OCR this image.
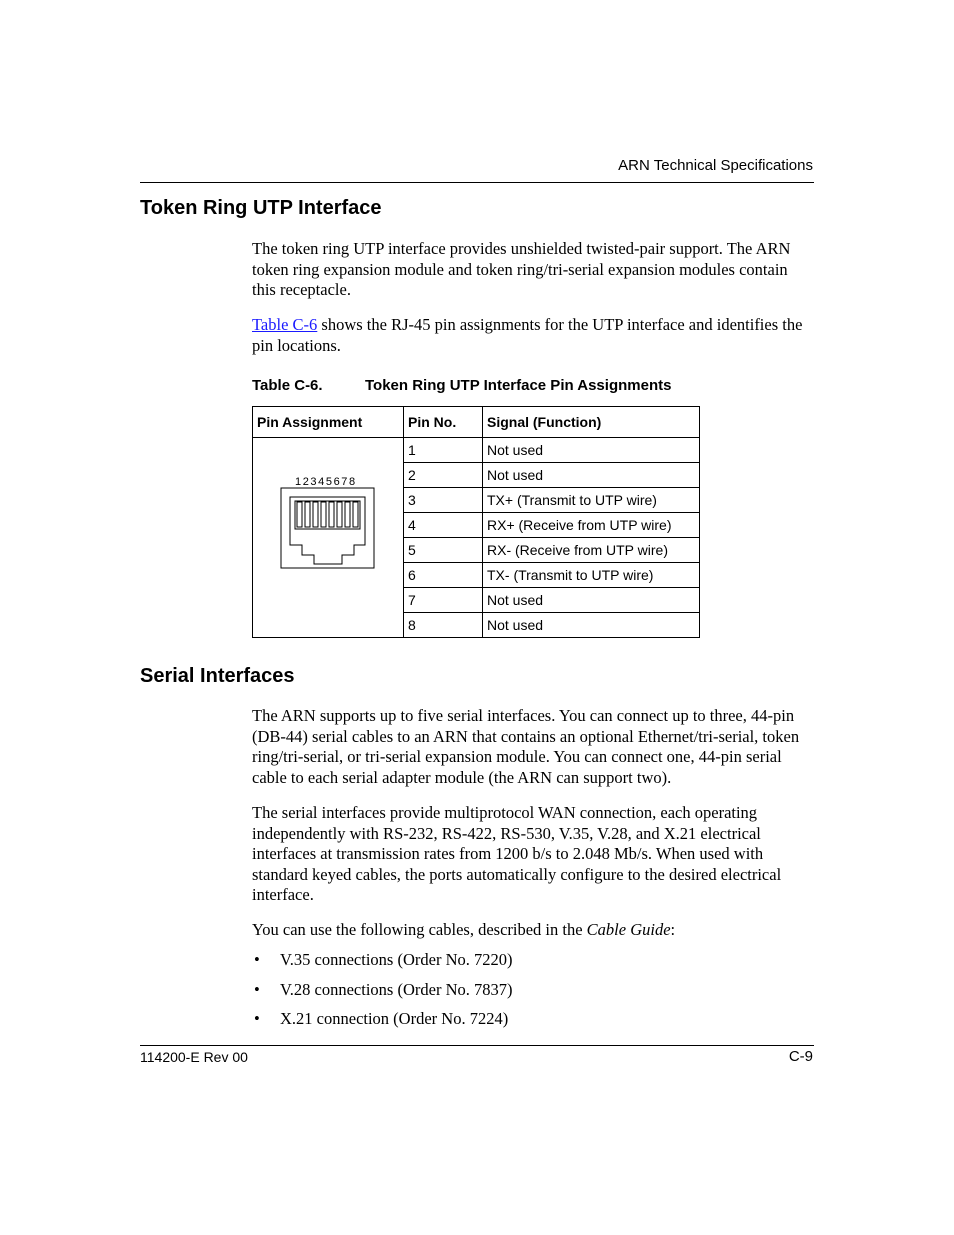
ARN Technical Specifications
Token Ring UTP Interface

The token ring UTP interface provides unshielded twisted-pair support. The ARN token ring expansion module and token ring/tri-serial expansion modules contain this receptacle.

Table C-6 shows the RJ-45 pin assignments for the UTP interface and identifies the pin locations.

Table C-6.	Token Ring UTP Interface Pin Assignments
Pin Assignment	Pin No.	Signal (Function)

12345678	1	Not used
	2	Not used
	3	TX+ (Transmit to UTP wire)
	4	RX+ (Receive from UTP wire)
	5	RX- (Receive from UTP wire)
	6	TX- (Transmit to UTP wire)
	7	Not used
	8	Not used
Serial Interfaces

The ARN supports up to five serial interfaces. You can connect up to three, 44-pin (DB-44) serial cables to an ARN that contains an optional Ethernet/tri-serial, token ring/tri-serial, or tri-serial expansion module. You can connect one, 44-pin serial cable to each serial adapter module (the ARN can support two).

The serial interfaces provide multiprotocol WAN connection, each operating independently with RS-232, RS-422, RS-530, V.35, V.28, and X.21 electrical interfaces at transmission rates from 1200 b/s to 2.048 Mb/s. When used with standard keyed cables, the ports automatically configure to the desired electrical interface.

You can use the following cables, described in the Cable Guide:

• V.35 connections (Order No. 7220)
• V.28 connections (Order No. 7837)
• X.21 connection (Order No. 7224)
114200-E Rev 00	C-9
